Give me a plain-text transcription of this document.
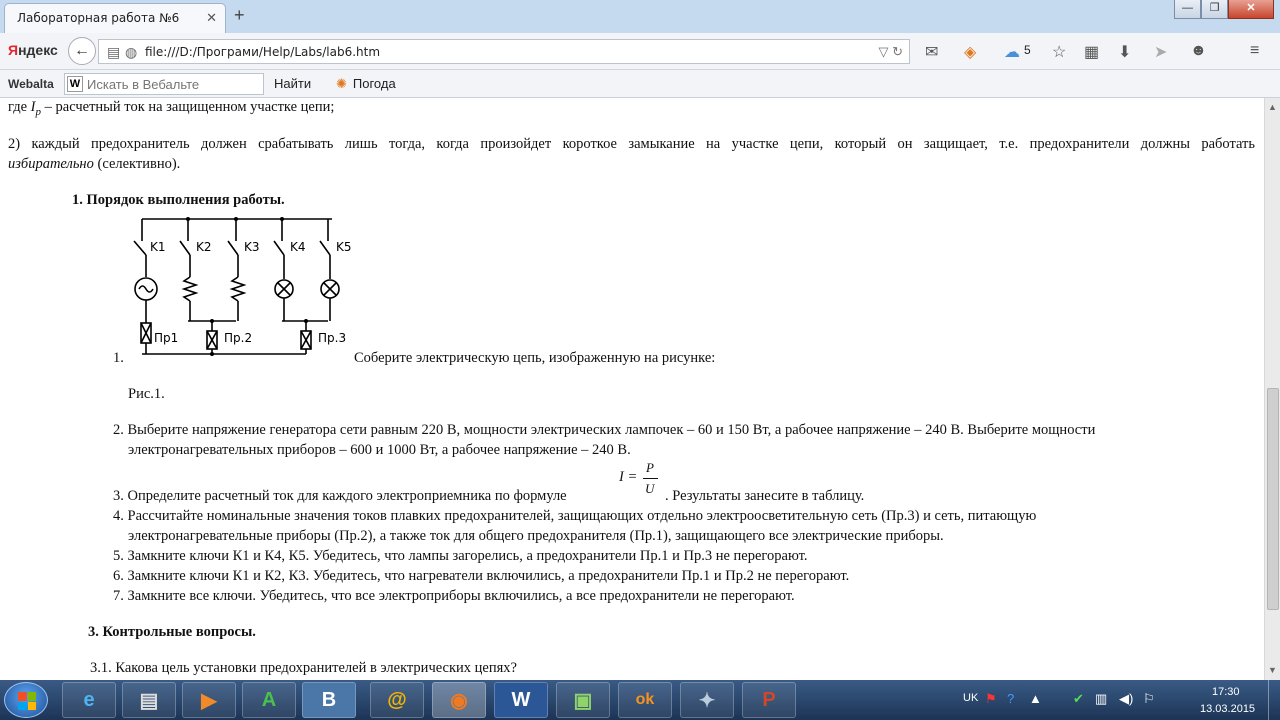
Лабораторная работа №6 ✕ +	—	❐	✕
Яндекс	←	▤ ◍ file:///D:/Програми/Help/Labs/lab6.htm	▽ ↻ ✉ ◈ ☁ 5 ☆ ▦ ⬇ ➤ ☻	≡
Webalta W
Искать в Вебальте	Найти ✺ Погода
где $I_p$ – расчетный ток на защищенном участке цепи;
2) каждый предохранитель должен срабатывать лишь тогда, когда произойдет короткое замыкание на участке цепи, который он защищает, т.е. предохранители должны работать
избирательно (селективно).
1. Порядок выполнения работы.
K1	K2	K3	K4	K5
Пр1	Пр.2	Пр.3
1.	Соберите электрическую цепь, изображенную на рисунке:
Рис.1.
2. Выберите напряжение генератора сети равным 220 В, мощности электрических лампочек – 60 и 150 Вт, а рабочее напряжение – 240 В. Выберите мощности
электронагревательных приборов – 600 и 1000 Вт, а рабочее напряжение – 240 В.
I =
P
U
3. Определите расчетный ток для каждого электроприемника по формуле	. Результаты занесите в таблицу.
4. Рассчитайте номинальные значения токов плавких предохранителей, защищающих отдельно электроосветительную сеть (Пр.3) и сеть, питающую
электронагревательные приборы (Пр.2), а также ток для общего предохранителя (Пр.1), защищающего все электрические приборы.
5. Замкните ключи К1 и К4, К5. Убедитесь, что лампы загорелись, а предохранители Пр.1 и Пр.3 не перегорают.
6. Замкните ключи К1 и К2, К3. Убедитесь, что нагреватели включились, а предохранители Пр.1 и Пр.2 не перегорают.
7. Замкните все ключи. Убедитесь, что все электроприборы включились, а все предохранители не перегорают.
3. Контрольные вопросы.
3.1. Какова цель установки предохранителей в электрических цепях?
▲
▼
e	▤	▶	A	B	@	◉	W	▣	ok	✦	P	UK ⚑ ? ▲ ✔ ▥ ◀) ⚐	17:30
13.03.2015
